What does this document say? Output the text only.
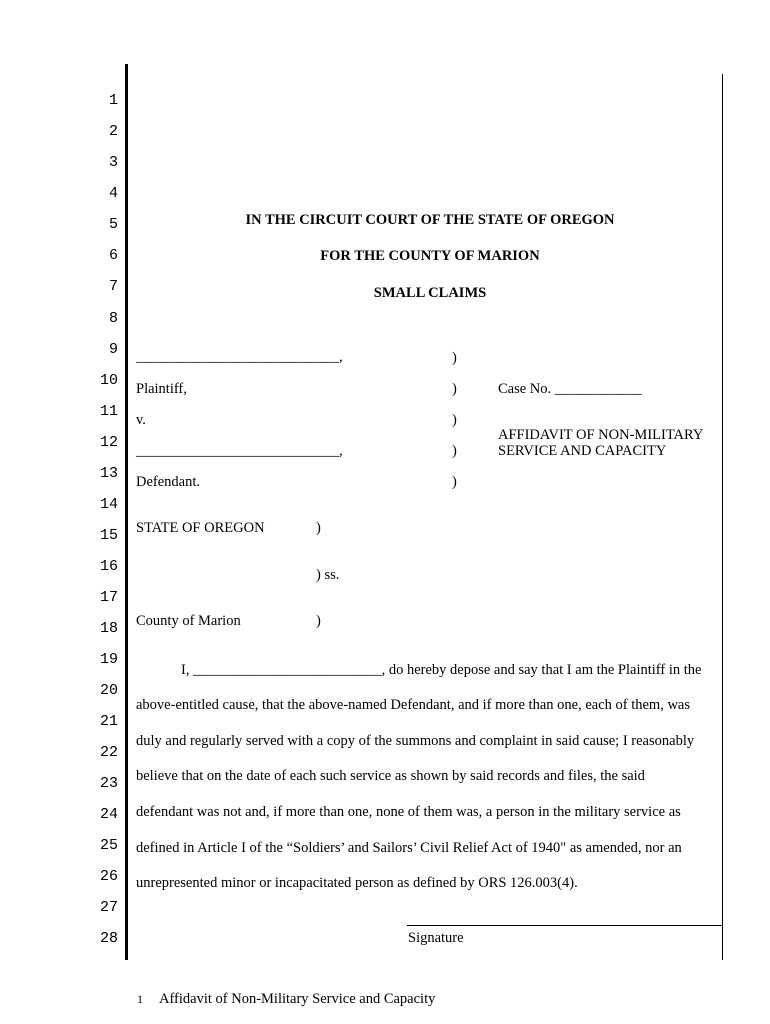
1
2
3
4
5
6
7
8
9
10
11
12
13
14
15
16
17
18
19
20
21
22
23
24
25
26
27
28
IN THE CIRCUIT COURT OF THE STATE OF OREGON
FOR THE COUNTY OF MARION
SMALL CLAIMS
____________________________,
Plaintiff,
v.
____________________________,
Defendant.
)
)
)
)
)
Case No. ____________
AFFIDAVIT OF NON-MILITARY
SERVICE AND CAPACITY
STATE OF OREGON	)
) ss.
County of Marion	)
I, __________________________, do hereby depose and say that I am the Plaintiff in the
above-entitled cause, that the above-named Defendant, and if more than one, each of them, was
duly and regularly served with a copy of the summons and complaint in said cause; I reasonably
believe that on the date of each such service as shown by said records and files, the said
defendant was not and, if more than one, none of them was, a person in the military service as
defined in Article I of the “Soldiers’ and Sailors’ Civil Relief Act of 1940" as amended, nor an
unrepresented minor or incapacitated person as defined by ORS 126.003(4).
Signature
1 Affidavit of Non-Military Service and Capacity
